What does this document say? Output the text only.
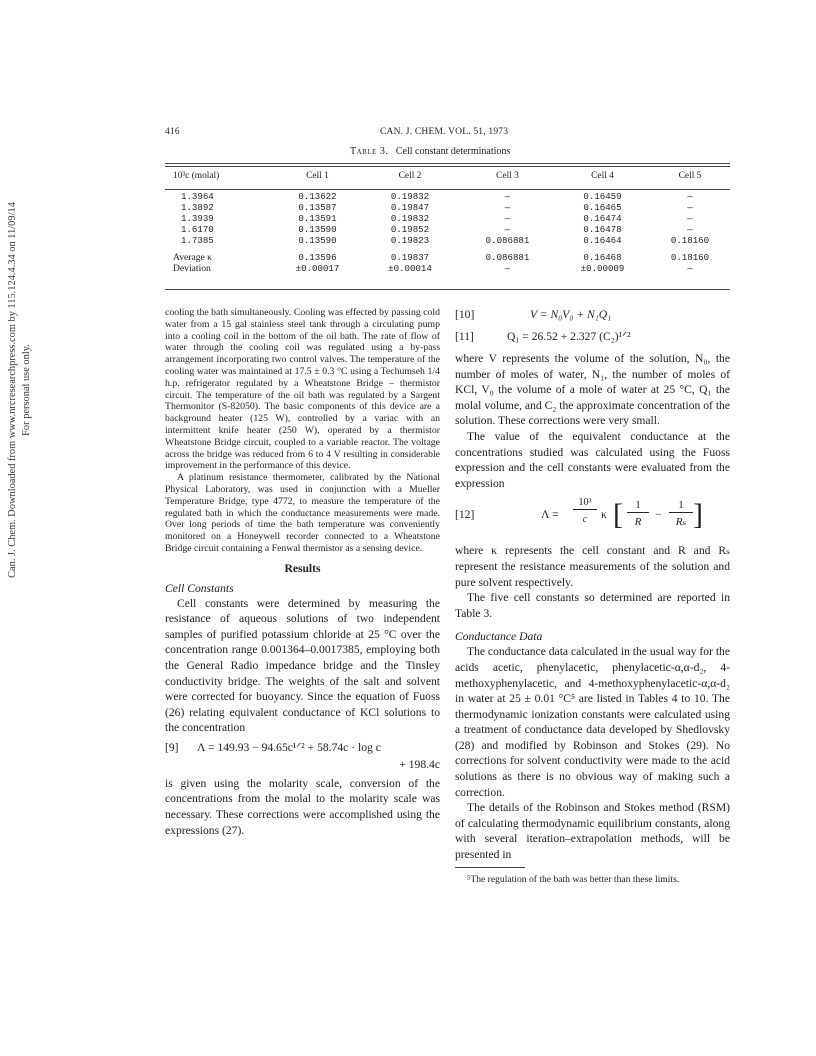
Can. J. Chem. Downloaded from www.nrcresearchpress.com by 115.124.4.34 on 11/09/14 For personal use only.
416	CAN. J. CHEM. VOL. 51, 1973
Table 3. Cell constant determinations
10³c (molal)	Cell 1	Cell 2	Cell 3	Cell 4	Cell 5

1.3964	0.13622	0.19832	—	0.16459	—
1.3892	0.13587	0.19847	—	0.16465	—
1.3939	0.13591	0.19832	—	0.16474	—
1.6170	0.13590	0.19852	—	0.16478	—
1.7385	0.13590	0.19823	0.086881	0.16464	0.18160
Average κ	0.13596	0.19837	0.086881	0.16468	0.18160
Deviation	±0.00017	±0.00014	—	±0.00009	—

cooling the bath simultaneously. Cooling was effected by passing cold water from a 15 gal stainless steel tank through a circulating pump into a cooling coil in the bottom of the oil bath. The rate of flow of water through the cooling coil was regulated using a by-pass arrangement incorporating two control valves. The temperature of the cooling water was maintained at 17.5 ± 0.3 °C using a Techumseh 1/4 h.p. refrigerator regulated by a Wheatstone Bridge – thermistor circuit. The temperature of the oil bath was regulated by a Sargent Thermonitor (S-82050). The basic components of this device are a background heater (125 W), controlled by a variac with an intermittent knife heater (250 W), operated by a thermistor Wheatstone Bridge circuit, coupled to a variable reactor. The voltage across the bridge was reduced from 6 to 4 V resulting in considerable improvement in the performance of this device.

A platinum resistance thermometer, calibrated by the National Physical Laboratory, was used in conjunction with a Mueller Temperature Bridge, type 4772, to measure the temperature of the regulated bath in which the conductance measurements were made. Over long periods of time the bath temperature was conveniently monitored on a Honeywell recorder connected to a Wheatstone Bridge circuit containing a Fenwal thermistor as a sensing device.

Results
Cell Constants

Cell constants were determined by measuring the resistance of aqueous solutions of two independent samples of purified potassium chloride at 25 °C over the concentration range 0.001364–0.0017385, employing both the General Radio impedance bridge and the Tinsley conductivity bridge. The weights of the salt and solvent were corrected for buoyancy. Since the equation of Fuoss (26) relating equivalent conductance of KCl solutions to the concentration

[9] Λ = 149.93 − 94.65c¹ᐟ² + 58.74c · log c
+ 198.4c

is given using the molarity scale, conversion of the concentrations from the molal to the molarity scale was necessary. These corrections were accomplished using the expressions (27).

[10]	V = N₀V₀ + N₁Q₁
[11]	Q₁ = 26.52 + 2.327 (C₂)¹ᐟ²

where V represents the volume of the solution, N₀, the number of moles of water, N₁, the number of moles of KCl, V₀ the volume of a mole of water at 25 °C, Q₁ the molal volume, and C₂ the approximate concentration of the solution. These corrections were very small.

The value of the equivalent conductance at the concentrations studied was calculated using the Fuoss expression and the cell constants were evaluated from the expression

[12]	$\Lambda = \frac{\text{10³}}{c}$ κ [ $\frac{1}{R} - \frac{1}{\text{Rₛ}}$ ]

where κ represents the cell constant and R and Rₛ represent the resistance measurements of the solution and pure solvent respectively.

The five cell constants so determined are reported in Table 3.

Conductance Data

The conductance data calculated in the usual way for the acids acetic, phenylacetic, phenylacetic-α,α-d₂, 4-methoxyphenylacetic, and 4-methoxyphenylacetic-α,α-d₂ in water at 25 ± 0.01 °C⁵ are listed in Tables 4 to 10. The thermodynamic ionization constants were calculated using a treatment of conductance data developed by Shedlovsky (28) and modified by Robinson and Stokes (29). No corrections for solvent conductivity were made to the acid solutions as there is no obvious way of making such a correction.

The details of the Robinson and Stokes method (RSM) of calculating thermodynamic equilibrium constants, along with several iteration–extrapolation methods, will be presented in

⁵The regulation of the bath was better than these limits.
